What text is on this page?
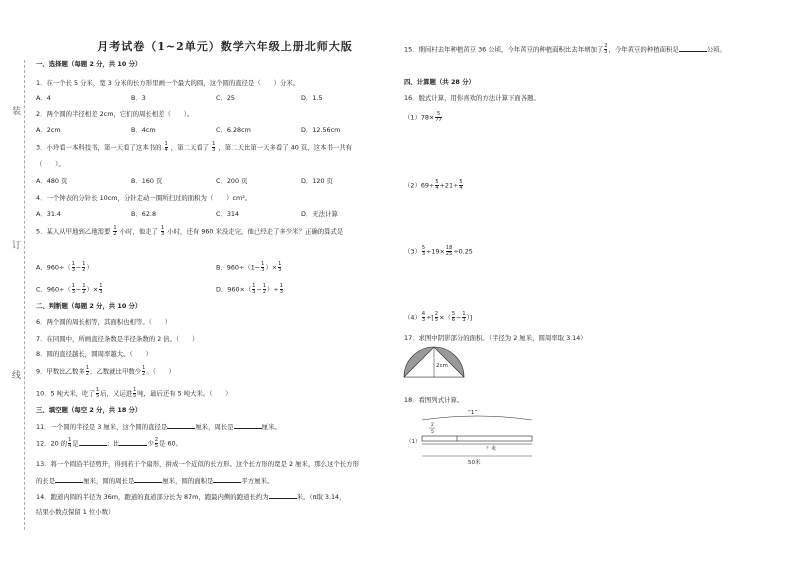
装
订
线
月考试卷（1~2单元）数学六年级上册北师大版
一、选择题（每题 2 分，共 10 分）
1．在一个长 5 分米，宽 3 分米的长方形里画一个最大的圆，这个圆的直径是（　　）分米。
A．4	B．3	C．25	D．1.5
2．两个圆的半径相差 2cm，它们的周长相差（　　）。
A．2cm	B．4cm	C．6.28cm	D．12.56cm
3．小玲看一本科技书，第一天看了这本书的 $\frac{1}{4}$ ，第二天看了 $\frac{1}{3}$ ，第二天比第一天多看了 40 页，这本书一共有
（　　）。
A．480 页	B．160 页	C．200 页	D．120 页
4．一个钟表的分针长 10cm，分针走动一圈所扫过的面积为（　　）cm²。
A．31.4	B．62.8	C．314	D．无法计算
5．某人从甲地到乙地需要 $\frac{1}{2}$ 小时，他走了 $\frac{1}{3}$ 小时，还有 960 米没走完，他已经走了多少米？正确的算式是
A．$960\div( \frac{1}{3} - \frac{1}{2}$ ）	B．$960\div(1- \frac{1}{3}$ ）× $\frac{1}{3}$
C．$960\div( \frac{1}{3} - \frac{1}{2}$ ）× $\frac{1}{3}$	D．$960\times( \frac{1}{3} - \frac{1}{2}$ ）÷ $\frac{1}{3}$
二、判断题（每题 2 分，共 10 分）
6．两个圆的周长相等，其面积也相等。（　　）
7．在同圆中，所画直径条数是半径条数的 2 倍。（　　）
8．圆的直径越长，圆周率越大。（　　）
9．甲数比乙数多 $\frac{1}{2}$ ，乙数就比甲数少 $\frac{1}{2}$ 。（　　）
10．5 吨大米，吃了 $\frac{1}{5}$ 后，又运进 $\frac{1}{5}$ 吨，最后还有 5 吨大米。（　　）
三、填空题（每空 2 分，共 18 分）
11．一个圆的半径是 3 厘米，这个圆的直径是	厘米，周长是	厘米。
12．20 的 $\frac{1}{4}$ 是	；比	少 $\frac{2}{5}$ 是 60。
13．将一个圆沿半径剪开，得到若干个扇形，拼成一个近似的长方形。这个长方形的宽是 2 厘米，那么这个长方形
的长是	厘米，圆的周长是	厘米，圆的面积是	平方厘米。
14．跑道内圆的半径为 36m，跑道的直道部分长为 87m，跑最内侧的跑道长约为	米。（π取 3.14，
结果小数点保留 1 位小数）
15．期间村去年种植黄豆 36 公顷，今年黄豆的种植面积比去年增加了 $\frac{2}{3}$ ，今年黄豆的种植面积是	公顷。
四、计算题（共 28 分）
16．脱式计算，用你喜欢的方法计算下面各题。
$(1)78\times \frac{5}{77}$
$(2)69\div \frac{5}{4} +21\div \frac{5}{4}$
$(3) \frac{5}{3} \div 19\times \frac{18}{25} \div 0.25$
$(4) \frac{4}{3}$ ÷[ $\frac{2}{5}$ ×（ $\frac{5}{6} - \frac{1}{3}$ ）]
17．求图中阴影部分的面积。（半径为 2 厘米，圆周率取 3.14）
2cm
18．看图列式计算。
（1）
“1”
2
5
？米
50米
